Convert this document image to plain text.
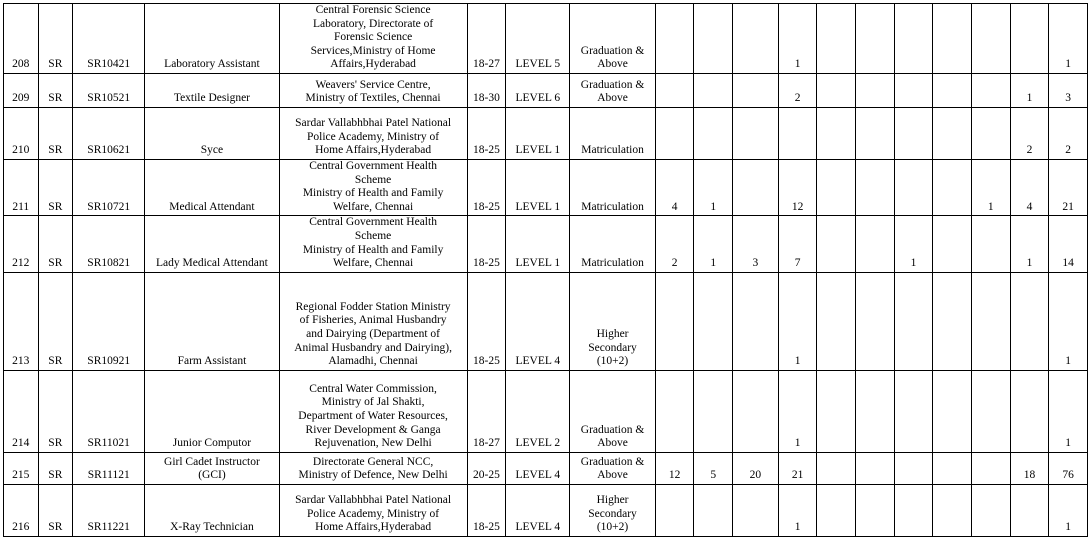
208	SR	SR10421	Laboratory Assistant	Central Forensic Science
Laboratory, Directorate of
Forensic Science
Services,Ministry of Home
Affairs,Hyderabad	18-27	LEVEL 5	Graduation &
Above				1							1
209	SR	SR10521	Textile Designer	Weavers' Service Centre,
Ministry of Textiles, Chennai	18-30	LEVEL 6	Graduation &
Above				2						1	3
210	SR	SR10621	Syce	Sardar Vallabhbhai Patel National
Police Academy, Ministry of
Home Affairs,Hyderabad	18-25	LEVEL 1	Matriculation										2	2
211	SR	SR10721	Medical Attendant	Central Government Health
Scheme
Ministry of Health and Family
Welfare, Chennai	18-25	LEVEL 1	Matriculation	4	1		12					1	4	21
212	SR	SR10821	Lady Medical Attendant	Central Government Health
Scheme
Ministry of Health and Family
Welfare, Chennai	18-25	LEVEL 1	Matriculation	2	1	3	7			1			1	14
213	SR	SR10921	Farm Assistant	Regional Fodder Station Ministry
of Fisheries, Animal Husbandry
and Dairying (Department of
Animal Husbandry and Dairying),
Alamadhi, Chennai	18-25	LEVEL 4	Higher
Secondary
(10+2)				1							1
214	SR	SR11021	Junior Computor	Central Water Commission,
Ministry of Jal Shakti,
Department of Water Resources,
River Development & Ganga
Rejuvenation, New Delhi	18-27	LEVEL 2	Graduation &
Above				1							1
215	SR	SR11121	Girl Cadet Instructor
(GCI)	Directorate General NCC,
Ministry of Defence, New Delhi	20-25	LEVEL 4	Graduation &
Above	12	5	20	21						18	76
216	SR	SR11221	X-Ray Technician	Sardar Vallabhbhai Patel National
Police Academy, Ministry of
Home Affairs,Hyderabad	18-25	LEVEL 4	Higher
Secondary
(10+2)				1							1
